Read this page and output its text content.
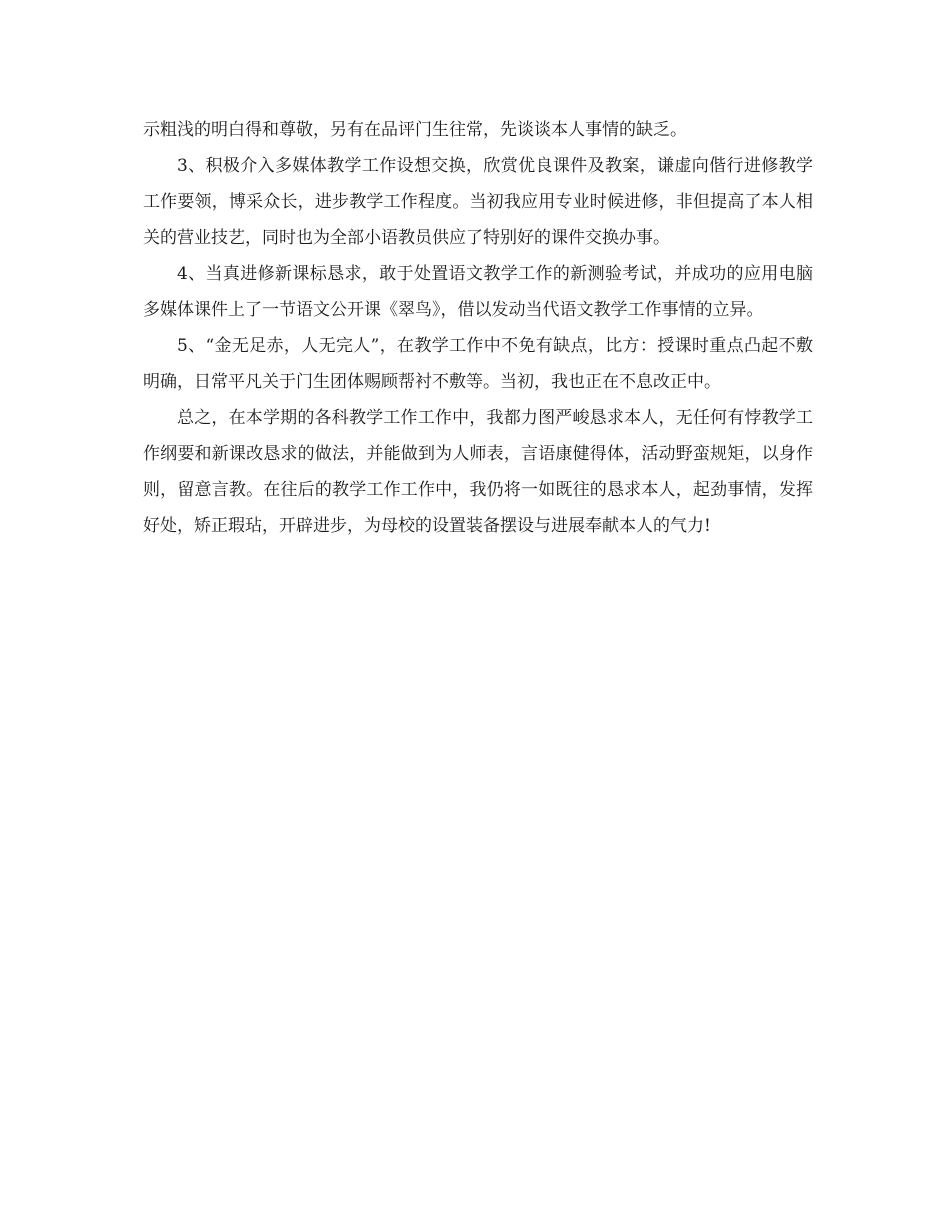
示粗浅的明白得和尊敬，另有在品评门生往常，先谈谈本人事情的缺乏。

3、积极介入多媒体教学工作设想交换，欣赏优良课件及教案，谦虚向偕行进修教学工作要领，博采众长，进步教学工作程度。当初我应用专业时候进修，非但提高了本人相关的营业技艺，同时也为全部小语教员供应了特别好的课件交换办事。

4、当真进修新课标恳求，敢于处置语文教学工作的新测验考试，并成功的应用电脑多媒体课件上了一节语文公开课《翠鸟》，借以发动当代语文教学工作事情的立异。

5、“金无足赤，人无完人”，在教学工作中不免有缺点，比方：授课时重点凸起不敷明确，日常平凡关于门生团体赐顾帮衬不敷等。当初，我也正在不息改正中。

总之，在本学期的各科教学工作工作中，我都力图严峻恳求本人，无任何有悖教学工作纲要和新课改恳求的做法，并能做到为人师表，言语康健得体，活动野蛮规矩，以身作则，留意言教。在往后的教学工作工作中，我仍将一如既往的恳求本人，起劲事情，发挥好处，矫正瑕玷，开辟进步，为母校的设置装备摆设与进展奉献本人的气力!
